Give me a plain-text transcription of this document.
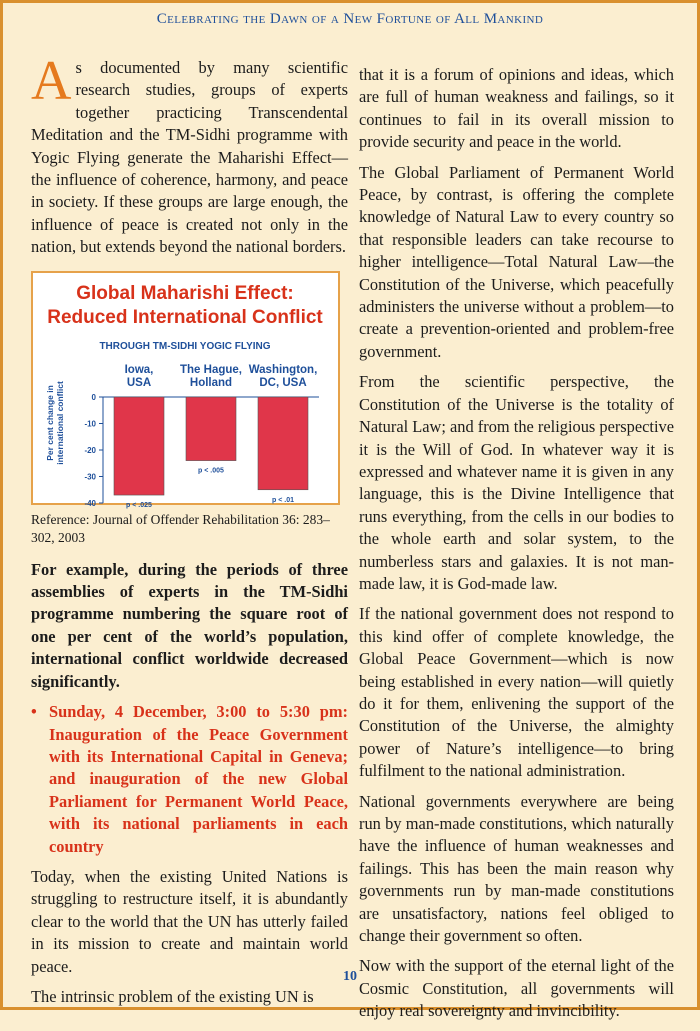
Celebrating the Dawn of a New Fortune of All Mankind

As documented by many scientific research studies, groups of experts together practicing Transcendental Meditation and the TM-Sidhi programme with Yogic Flying generate the Maharishi Effect—the influence of coherence, harmony, and peace in society. If these groups are large enough, the influence of peace is created not only in the nation, but extends beyond the national borders.

Global Maharishi Effect:
Reduced International Conflict
THROUGH TM-SIDHI YOGIC FLYING
Per cent change in international conflict	0
-10
-20
-30
-40
Iowa,
USA
p < .025
The Hague,
Holland
p < .005
Washington,
DC, USA
p < .01
Reference: Journal of Offender Rehabilitation 36: 283–302, 2003

For example, during the periods of three assemblies of experts in the TM-Sidhi programme numbering the square root of one per cent of the world’s population, international conflict worldwide decreased significantly.

• Sunday, 4 December, 3:00 to 5:30 pm: Inauguration of the Peace Government with its International Capital in Geneva; and inauguration of the new Global Parliament for Permanent World Peace, with its national parliaments in each country

Today, when the existing United Nations is struggling to restructure itself, it is abundantly clear to the world that the UN has utterly failed in its mission to create and maintain world peace.

The intrinsic problem of the existing UN is

that it is a forum of opinions and ideas, which are full of human weakness and failings, so it continues to fail in its overall mission to provide security and peace in the world.

The Global Parliament of Permanent World Peace, by contrast, is offering the complete knowledge of Natural Law to every country so that responsible leaders can take recourse to higher intelligence—Total Natural Law—the Constitution of the Universe, which peacefully administers the universe without a problem—to create a prevention-oriented and problem-free government.

From the scientific perspective, the Constitution of the Universe is the totality of Natural Law; and from the religious perspective it is the Will of God. In whatever way it is expressed and whatever name it is given in any language, this is the Divine Intelligence that runs everything, from the cells in our bodies to the whole earth and solar system, to the numberless stars and galaxies. It is not man-made law, it is God-made law.

If the national government does not respond to this kind offer of complete knowledge, the Global Peace Government—which is now being established in every nation—will quietly do it for them, enlivening the support of the Constitution of the Universe, the almighty power of Nature’s intelligence—to bring fulfilment to the national administration.

National governments everywhere are being run by man-made constitutions, which naturally have the influence of human weaknesses and failings. This has been the main reason why governments run by man-made constitutions are unsatisfactory, nations feel obliged to change their government so often.

Now with the support of the eternal light of the Cosmic Constitution, all governments will enjoy real sovereignty and invincibility.

10
